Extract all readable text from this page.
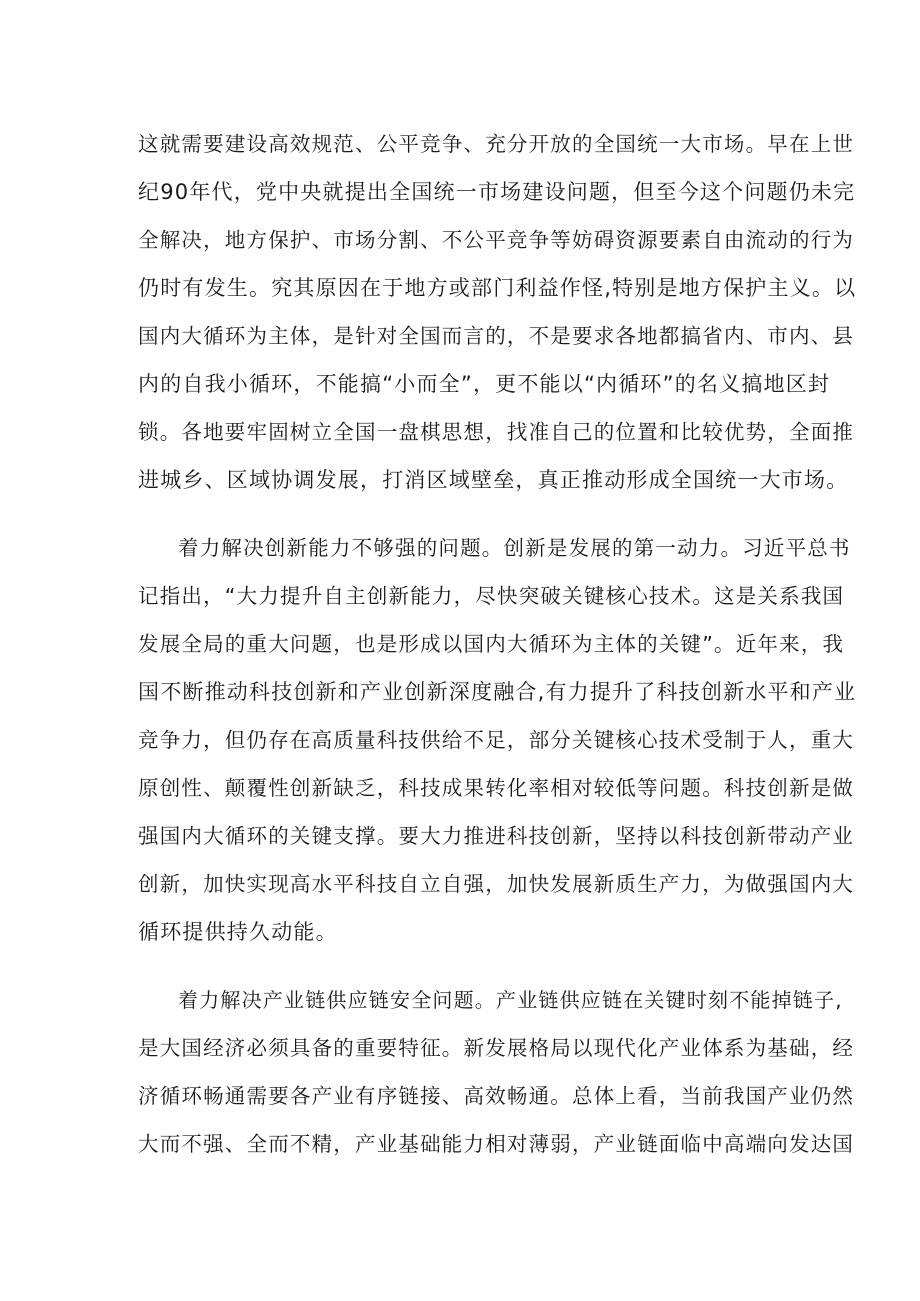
这就需要建设高效规范、公平竞争、充分开放的全国统一大市场。早在上世
纪90年代，党中央就提出全国统一市场建设问题，但至今这个问题仍未完
全解决，地方保护、市场分割、不公平竞争等妨碍资源要素自由流动的行为
仍时有发生。究其原因在于地方或部门利益作怪,特别是地方保护主义。以
国内大循环为主体，是针对全国而言的，不是要求各地都搞省内、市内、县
内的自我小循环，不能搞“小而全”，更不能以“内循环”的名义搞地区封
锁。各地要牢固树立全国一盘棋思想，找准自己的位置和比较优势，全面推
进城乡、区域协调发展，打消区域壁垒，真正推动形成全国统一大市场。
着力解决创新能力不够强的问题。创新是发展的第一动力。习近平总书
记指出，“大力提升自主创新能力，尽快突破关键核心技术。这是关系我国
发展全局的重大问题，也是形成以国内大循环为主体的关键”。近年来，我
国不断推动科技创新和产业创新深度融合,有力提升了科技创新水平和产业
竞争力，但仍存在高质量科技供给不足，部分关键核心技术受制于人，重大
原创性、颠覆性创新缺乏，科技成果转化率相对较低等问题。科技创新是做
强国内大循环的关键支撑。要大力推进科技创新，坚持以科技创新带动产业
创新，加快实现高水平科技自立自强，加快发展新质生产力，为做强国内大
循环提供持久动能。
着力解决产业链供应链安全问题。产业链供应链在关键时刻不能掉链子,
是大国经济必须具备的重要特征。新发展格局以现代化产业体系为基础，经
济循环畅通需要各产业有序链接、高效畅通。总体上看，当前我国产业仍然
大而不强、全而不精，产业基础能力相对薄弱，产业链面临中高端向发达国
